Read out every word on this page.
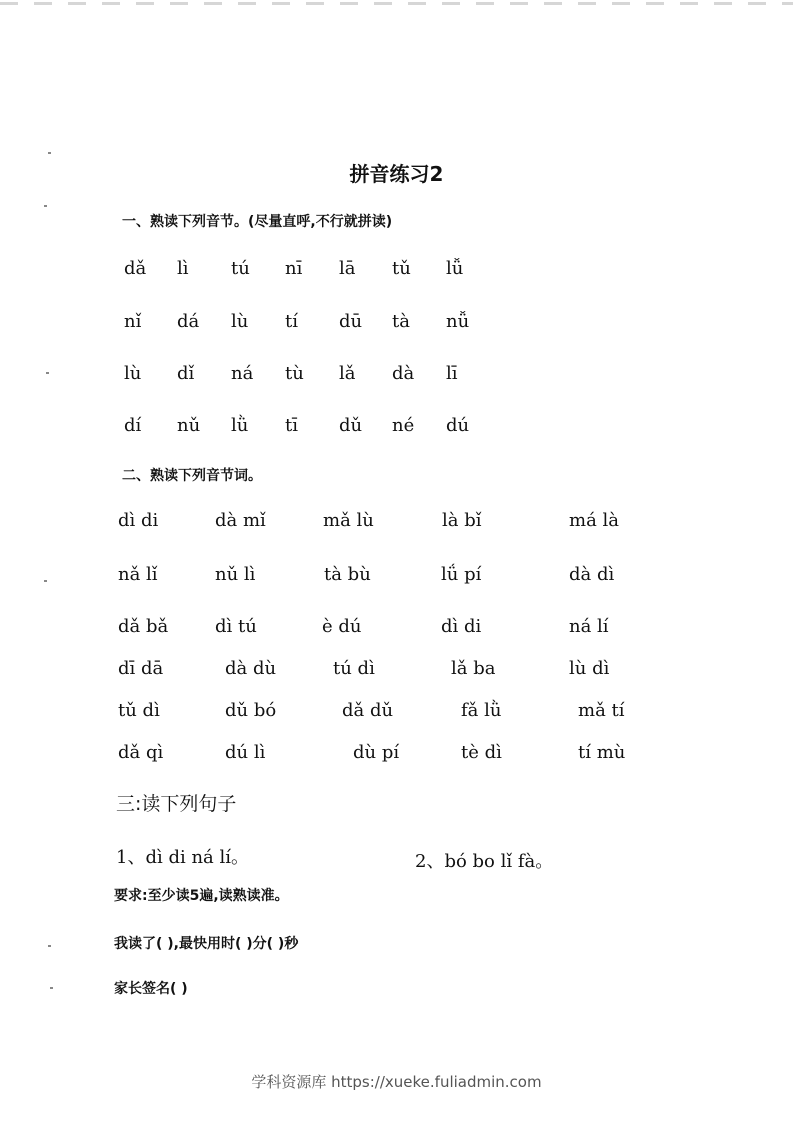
拼音练习2
一、熟读下列音节。(尽量直呼,不行就拼读)
dǎ lì tú nī lā tǔ lǚ
nǐ dá lù tí dū tà nǚ
lù dǐ ná tù lǎ dà lī
dí nǔ lǜ tī dǔ né dú
二、熟读下列音节词。
dì di	dà mǐ	mǎ lù	là bǐ	má là
nǎ lǐ	nǔ lì	tà bù	lǘ pí	dà dì
dǎ bǎ	dì tú	è dú	dì di	ná lí
dī dā	dà dù	tú dì	lǎ ba	lù dì
tǔ dì	dǔ bó	dǎ dǔ	fǎ lǜ	mǎ tí
dǎ qì	dú lì	dù pí	tè dì	tí mù
三:读下列句子
1、dì di ná lí。	2、bó bo lǐ fà。
要求:至少读5遍,读熟读准。
我读了( ),最快用时( )分( )秒
家长签名( )
学科资源库 https://xueke.fuliadmin.com
